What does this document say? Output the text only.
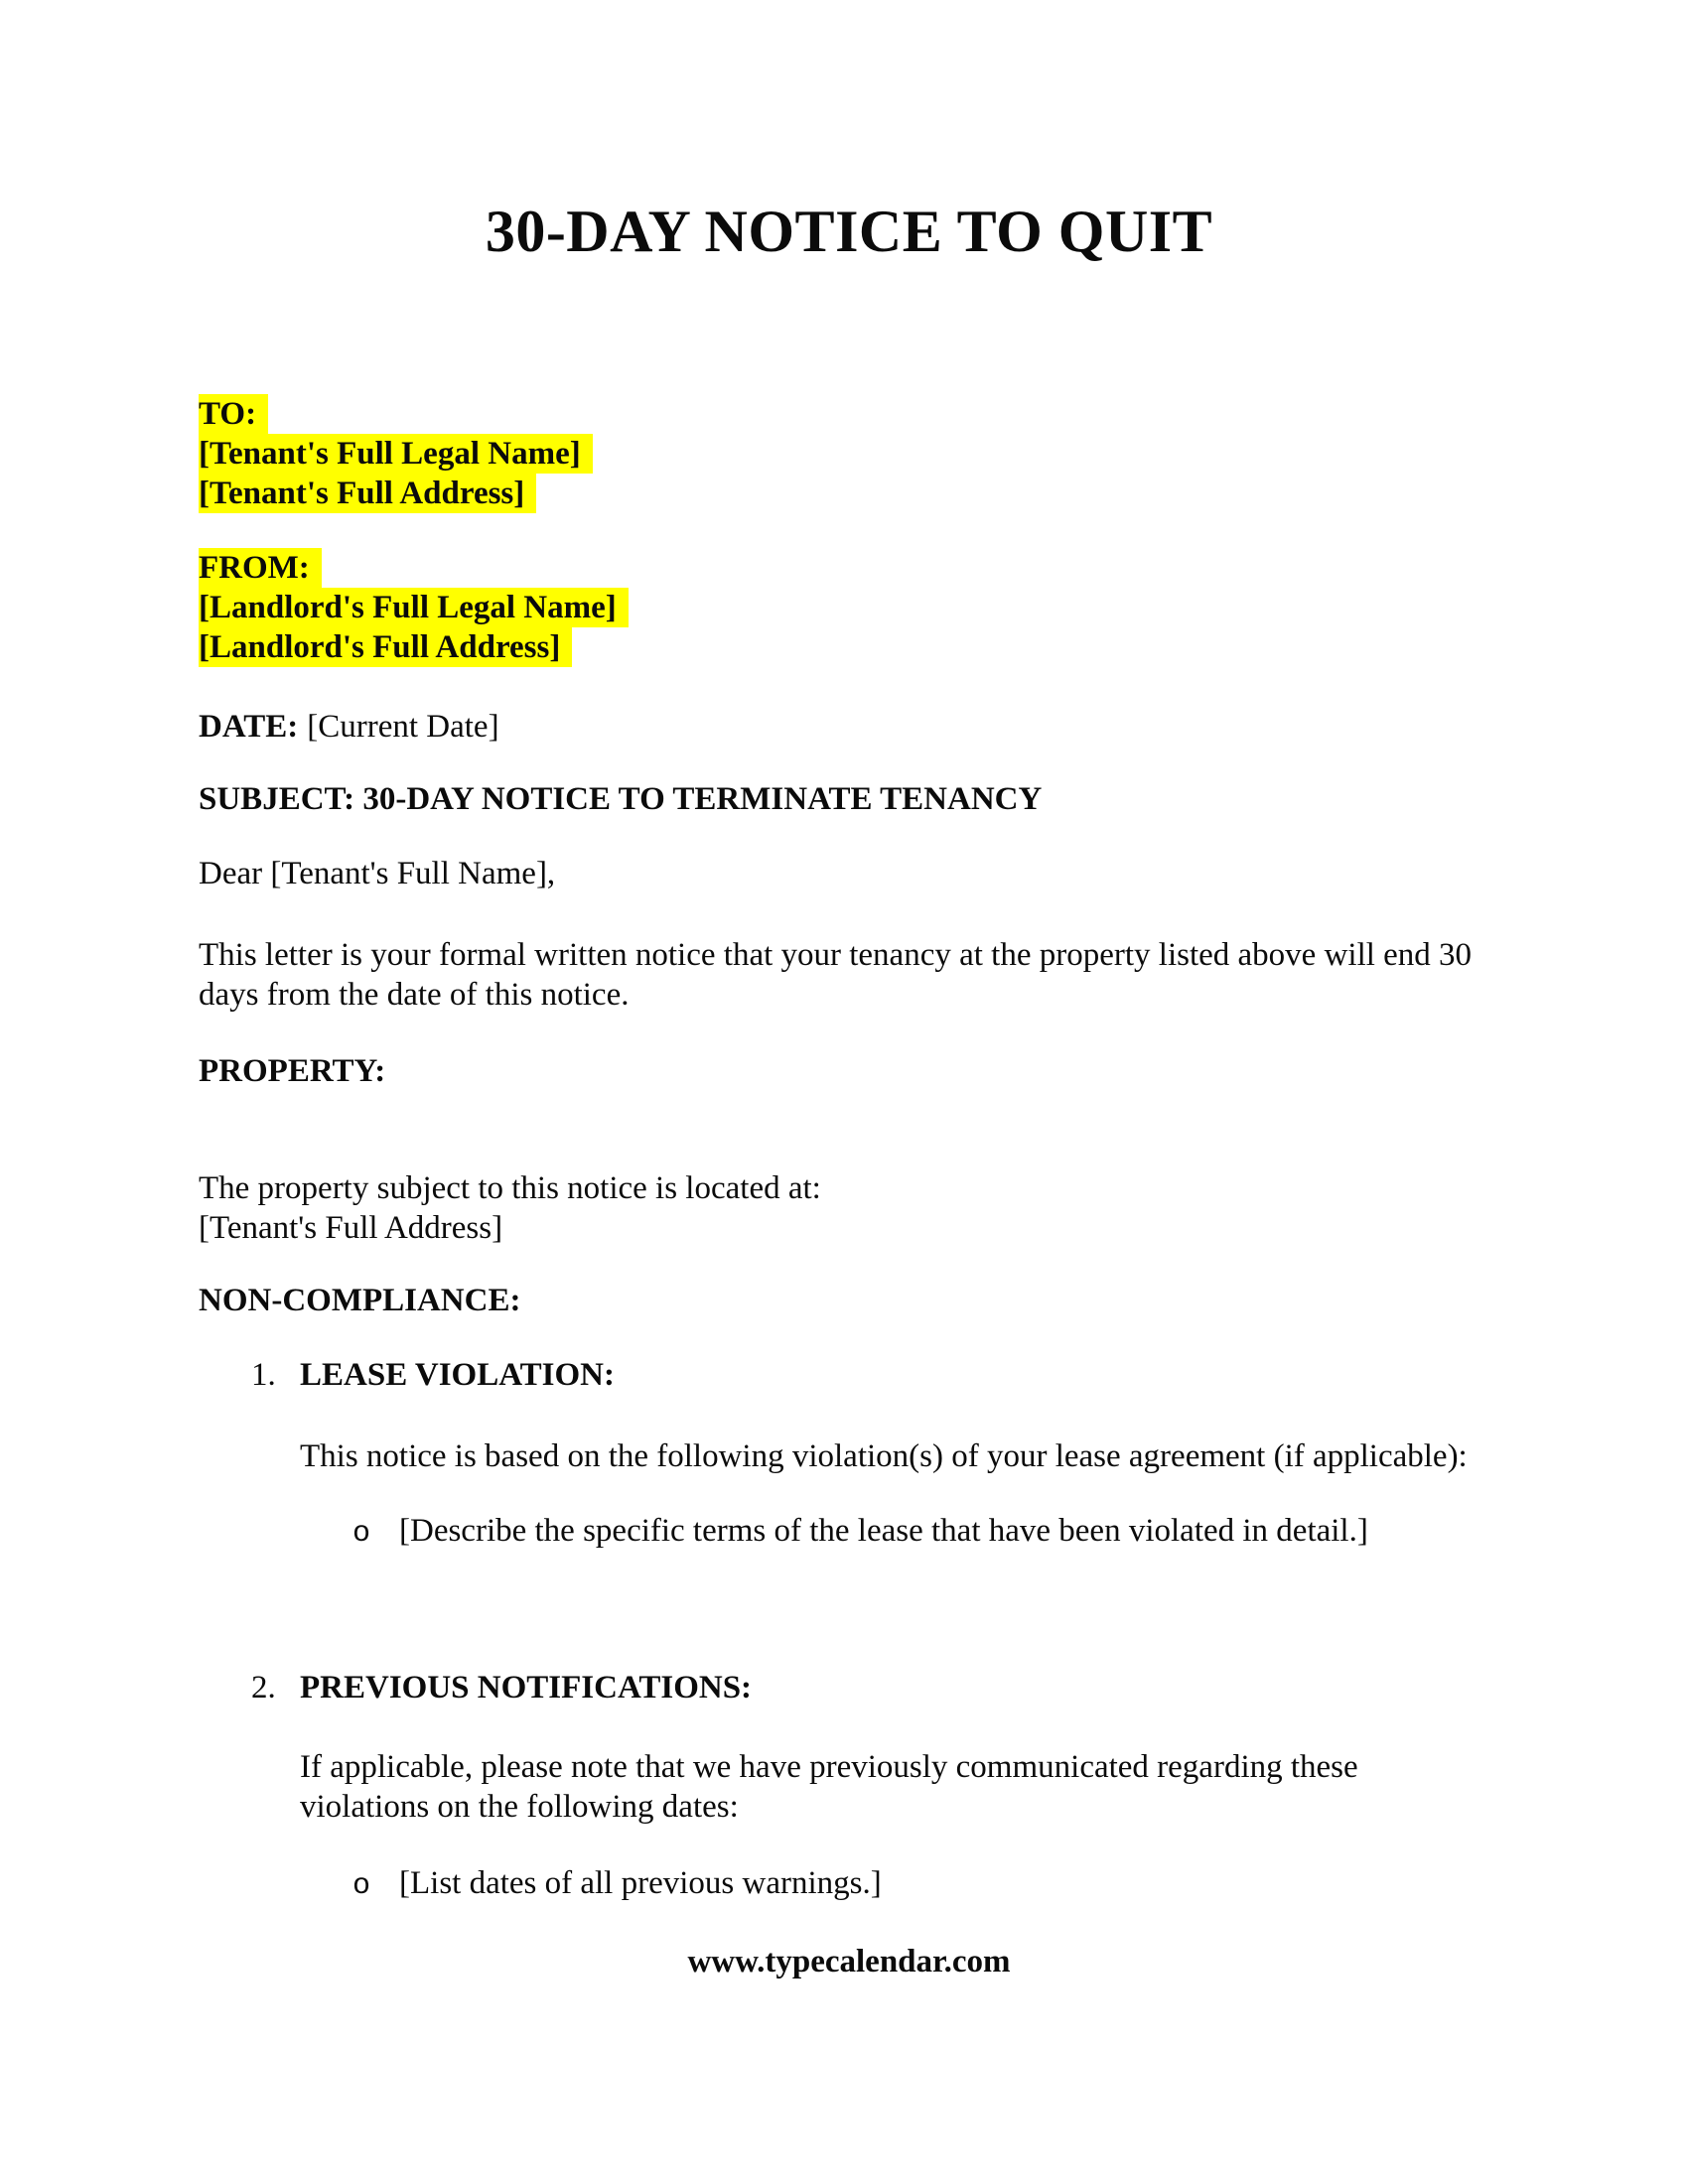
30-DAY NOTICE TO QUIT
TO:
[Tenant's Full Legal Name]
[Tenant's Full Address]
FROM:
[Landlord's Full Legal Name]
[Landlord's Full Address]
DATE: [Current Date]
SUBJECT: 30-DAY NOTICE TO TERMINATE TENANCY
Dear [Tenant's Full Name],
This letter is your formal written notice that your tenancy at the property listed above will end 30
days from the date of this notice.
PROPERTY:
The property subject to this notice is located at:
[Tenant's Full Address]
NON-COMPLIANCE:
1. LEASE VIOLATION:
This notice is based on the following violation(s) of your lease agreement (if applicable):
o [Describe the specific terms of the lease that have been violated in detail.]
2. PREVIOUS NOTIFICATIONS:
If applicable, please note that we have previously communicated regarding these
violations on the following dates:
o [List dates of all previous warnings.]
www.typecalendar.com
